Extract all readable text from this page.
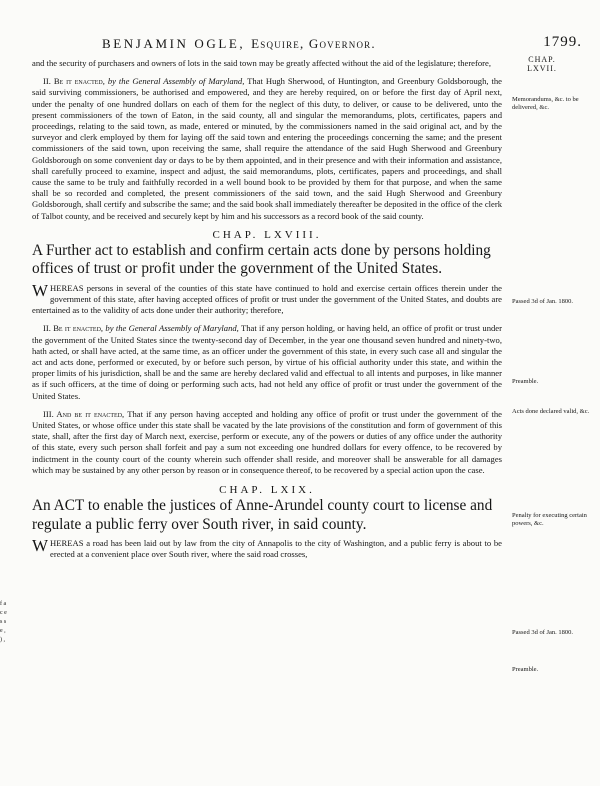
BENJAMIN OGLE, Esquire, Governor.	1799.

and the security of purchasers and owners of lots in the said town may be greatly affected without the aid of the legislature; therefore,

II. Be it enacted, by the General Assembly of Maryland, That Hugh Sherwood, of Huntington, and Greenbury Goldsborough, the said surviving commissioners, be authorised and empowered, and they are hereby required, on or before the first day of April next, under the penalty of one hundred dollars on each of them for the neglect of this duty, to deliver, or cause to be delivered, unto the present commissioners of the town of Eaton, in the said county, all and singular the memorandums, plots, certificates, papers and proceedings, relating to the said town, as made, entered or minuted, by the commissioners named in the said original act, and by the surveyor and clerk employed by them for laying off the said town and entering the proceedings concerning the same; and the present commissioners of the said town, upon receiving the same, shall require the attendance of the said Hugh Sherwood and Greenbury Goldsborough on some convenient day or days to be by them appointed, and in their presence and with their information and assistance, shall carefully proceed to examine, inspect and adjust, the said memorandums, plots, certificates, papers and proceedings, and shall cause the same to be truly and faithfully recorded in a well bound book to be provided by them for that purpose, and when the same shall be so recorded and completed, the present commissioners of the said town, and the said Hugh Sherwood and Greenbury Goldsborough, shall certify and subscribe the same; and the said book shall immediately thereafter be deposited in the office of the clerk of Talbot county, and be received and securely kept by him and his successors as a record book of the said county.

CHAP. LXVIII.
A Further act to establish and confirm certain acts done by persons holding offices of trust or profit under the government of the United States.

W HEREAS persons in several of the counties of this state have continued to hold and exercise certain offices therein under the government of this state, after having accepted offices of profit or trust under the government of the United States, and doubts are entertained as to the validity of acts done under their authority; therefore,

II. Be it enacted, by the General Assembly of Maryland, That if any person holding, or having held, an office of profit or trust under the government of the United States since the twenty-second day of December, in the year one thousand seven hundred and ninety-two, hath acted, or shall have acted, at the same time, as an officer under the government of this state, in every such case all and singular the act and acts done, performed or executed, by or before such person, by virtue of his official authority under this state, and within the proper limits of his jurisdiction, shall be and the same are hereby declared valid and effectual to all intents and purposes, in like manner as if such officers, at the time of doing or performing such acts, had not held any office of profit or trust under the government of the United States.

III. And be it enacted, That if any person having accepted and holding any office of profit or trust under the government of the United States, or whose office under this state shall be vacated by the late provisions of the constitution and form of government of this state, shall, after the first day of March next, exercise, perform or execute, any of the powers or duties of any office under the authority of this state, every such person shall forfeit and pay a sum not exceeding one hundred dollars for every offence, to be recovered by indictment in the county court of the county wherein such offender shall reside, and moreover shall be answerable for all damages which may be sustained by any other person by reason or in consequence thereof, to be recovered by a special action upon the case.

CHAP. LXIX.
An ACT to enable the justices of Anne-Arundel county court to license and regulate a public ferry over South river, in said county.

W HEREAS a road has been laid out by law from the city of Annapolis to the city of Washington, and a public ferry is about to be erected at a convenient place over South river, where the said road crosses,

CHAP. LXVII.
Memorandums, &c. to be delivered, &c.
Passed 3d of Jan. 1800.
Preamble.
Acts done declared valid, &c.
Penalty for executing certain powers, &c.
Passed 3d of Jan. 1800.
Preamble.
f a c e s s e , ) ,
